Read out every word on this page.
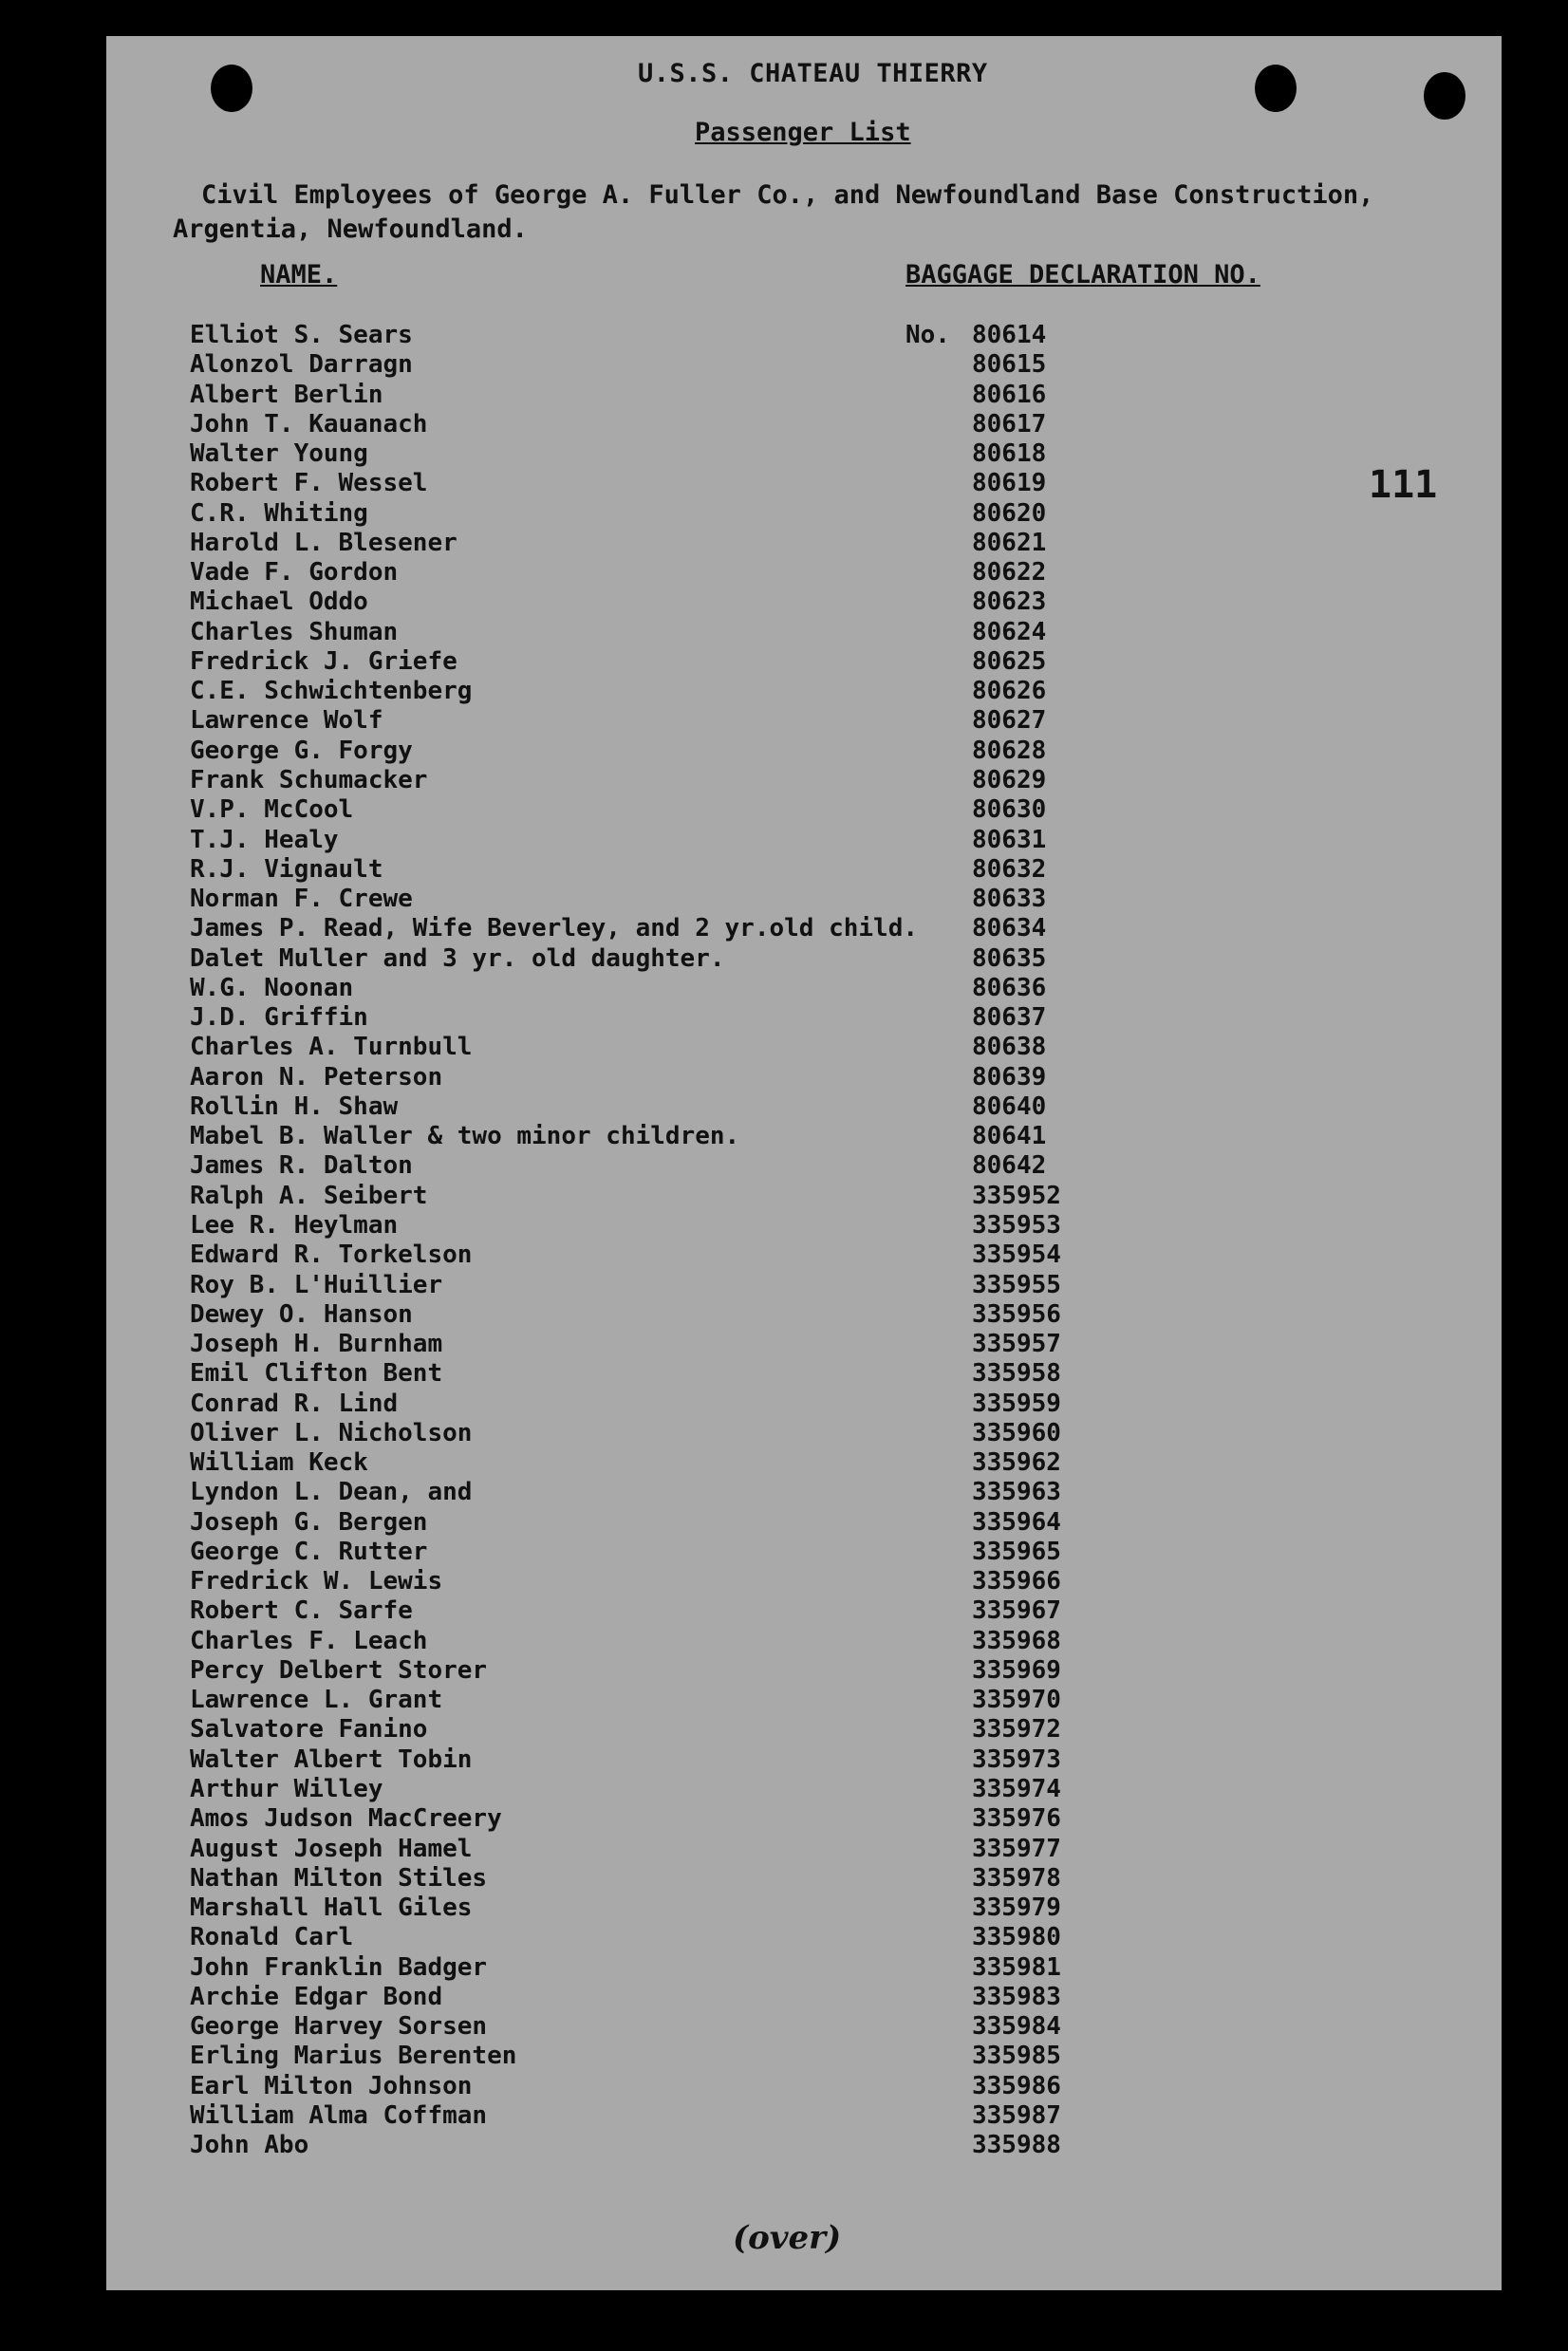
U.S.S. CHATEAU THIERRY
Passenger List
Civil Employees of George A. Fuller Co., and Newfoundland Base Construction,
Argentia, Newfoundland.
NAME.	BAGGAGE DECLARATION NO.
111
Elliot S. Sears	No. 80614
Alonzol Darragn	80615
Albert Berlin	80616
John T. Kauanach	80617
Walter Young	80618
Robert F. Wessel	80619
C.R. Whiting	80620
Harold L. Blesener	80621
Vade F. Gordon	80622
Michael Oddo	80623
Charles Shuman	80624
Fredrick J. Griefe	80625
C.E. Schwichtenberg	80626
Lawrence Wolf	80627
George G. Forgy	80628
Frank Schumacker	80629
V.P. McCool	80630
T.J. Healy	80631
R.J. Vignault	80632
Norman F. Crewe	80633
James P. Read, Wife Beverley, and 2 yr.old child. 80634
Dalet Muller and 3 yr. old daughter.	80635
W.G. Noonan	80636
J.D. Griffin	80637
Charles A. Turnbull	80638
Aaron N. Peterson	80639
Rollin H. Shaw	80640
Mabel B. Waller & two minor children.	80641
James R. Dalton	80642
Ralph A. Seibert	335952
Lee R. Heylman	335953
Edward R. Torkelson	335954
Roy B. L'Huillier	335955
Dewey O. Hanson	335956
Joseph H. Burnham	335957
Emil Clifton Bent	335958
Conrad R. Lind	335959
Oliver L. Nicholson	335960
William Keck	335962
Lyndon L. Dean, and	335963
Joseph G. Bergen	335964
George C. Rutter	335965
Fredrick W. Lewis	335966
Robert C. Sarfe	335967
Charles F. Leach	335968
Percy Delbert Storer	335969
Lawrence L. Grant	335970
Salvatore Fanino	335972
Walter Albert Tobin	335973
Arthur Willey	335974
Amos Judson MacCreery	335976
August Joseph Hamel	335977
Nathan Milton Stiles	335978
Marshall Hall Giles	335979
Ronald Carl	335980
John Franklin Badger	335981
Archie Edgar Bond	335983
George Harvey Sorsen	335984
Erling Marius Berenten	335985
Earl Milton Johnson	335986
William Alma Coffman	335987
John Abo	335988
(over)
